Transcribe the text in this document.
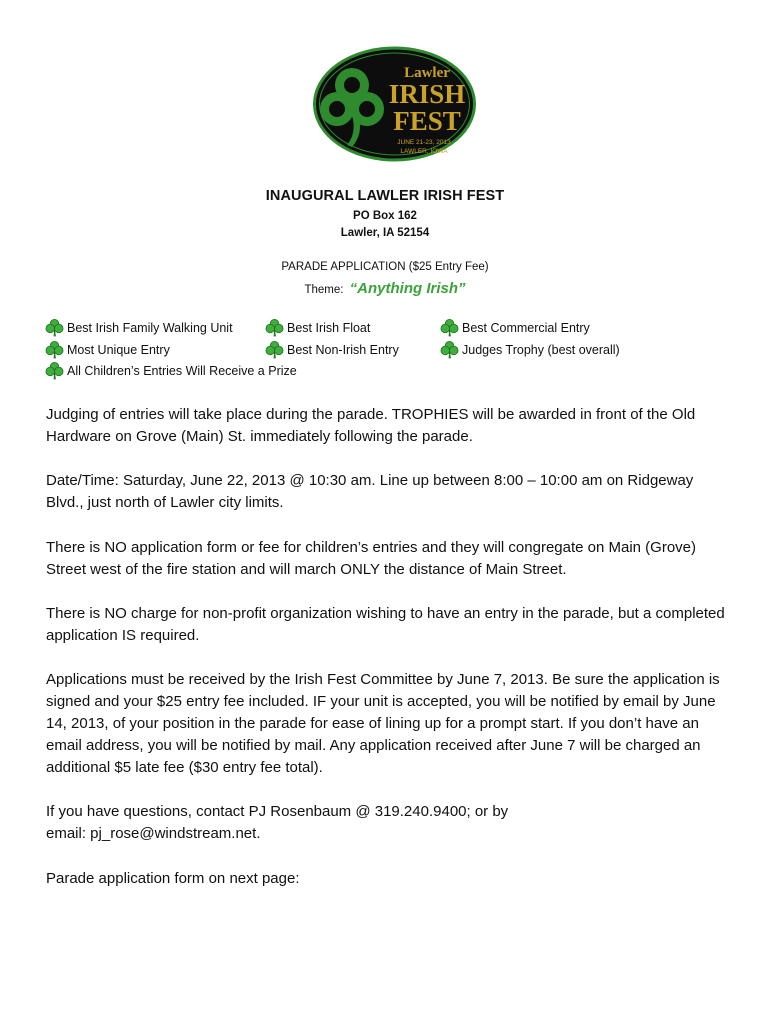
Lawler
IRISH
FEST
JUNE 21-23, 2013
LAWLER, IOWA
INAUGURAL LAWLER IRISH FEST
PO Box 162
Lawler, IA 52154
PARADE APPLICATION ($25 Entry Fee)
Theme: “Anything Irish”
Best Irish Family Walking Unit	Best Irish Float	Best Commercial Entry
Most Unique Entry	Best Non-Irish Entry	Judges Trophy (best overall)
All Children’s Entries Will Receive a Prize

Judging of entries will take place during the parade. TROPHIES will be awarded in front of the Old Hardware on Grove (Main) St. immediately following the parade.

Date/Time: Saturday, June 22, 2013 @ 10:30 am. Line up between 8:00 – 10:00 am on Ridgeway Blvd., just north of Lawler city limits.

There is NO application form or fee for children’s entries and they will congregate on Main (Grove) Street west of the fire station and will march ONLY the distance of Main Street.

There is NO charge for non-profit organization wishing to have an entry in the parade, but a completed application IS required.

Applications must be received by the Irish Fest Committee by June 7, 2013. Be sure the application is signed and your $25 entry fee included. IF your unit is accepted, you will be notified by email by June 14, 2013, of your position in the parade for ease of lining up for a prompt start. If you don’t have an email address, you will be notified by mail. Any application received after June 7 will be charged an additional $5 late fee ($30 entry fee total).

If you have questions, contact PJ Rosenbaum @ 319.240.9400; or by email: pj_rose@windstream.net.

Parade application form on next page:
